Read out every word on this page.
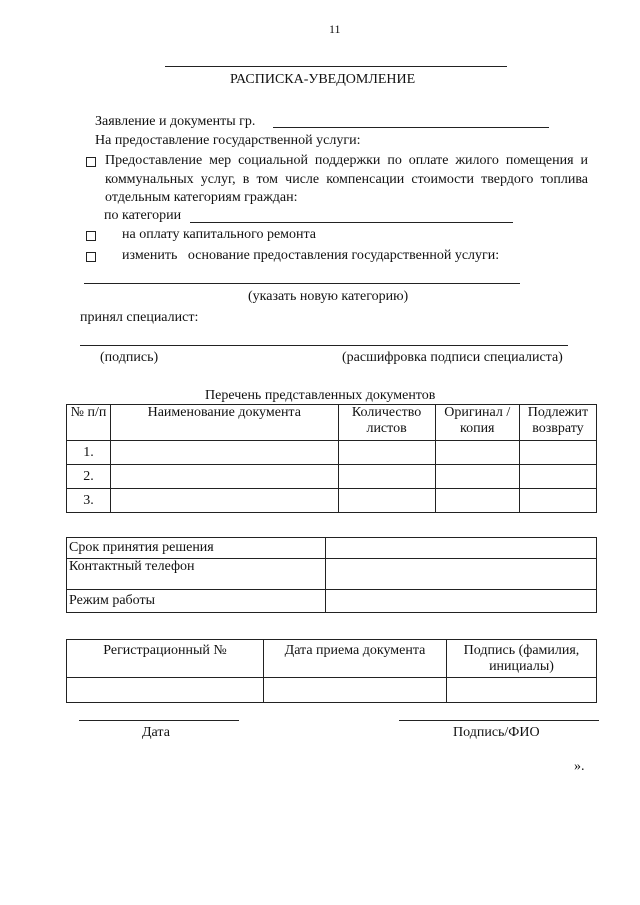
11
РАСПИСКА-УВЕДОМЛЕНИЕ
Заявление и документы гр.
На предоставление государственной услуги:
Предоставление мер социальной поддержки по оплате жилого помещения и коммунальных услуг, в том числе компенсации стоимости твердого топлива отдельным категориям граждан:
по категории
на оплату капитального ремонта
изменить   основание предоставления государственной услуги:
(указать новую категорию)
принял специалист:
(подпись)	(расшифровка подписи специалиста)
Перечень представленных документов
№ п/п	Наименование документа	Количество листов	Оригинал /копия	Подлежит возврату
1.				
2.				
3.				
Срок принятия решения	
Контактный телефон	
Режим работы	
Регистрационный №	Дата приема документа	Подпись (фамилия, инициалы)

Дата	Подпись/ФИО
».
